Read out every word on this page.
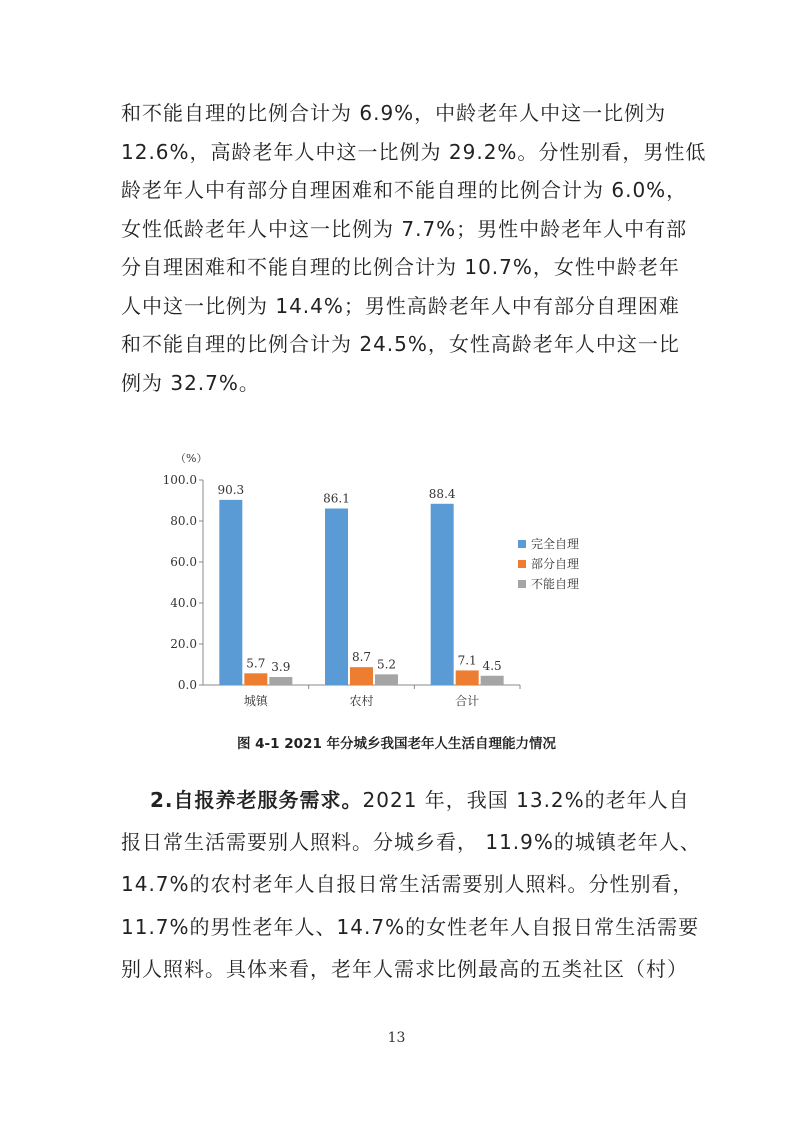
和不能自理的比例合计为 6.9%，中龄老年人中这一比例为
12.6%，高龄老年人中这一比例为 29.2%。分性别看，男性低
龄老年人中有部分自理困难和不能自理的比例合计为 6.0%，
女性低龄老年人中这一比例为 7.7%；男性中龄老年人中有部
分自理困难和不能自理的比例合计为 10.7%，女性中龄老年
人中这一比例为 14.4%；男性高龄老年人中有部分自理困难
和不能自理的比例合计为 24.5%，女性高龄老年人中这一比
例为 32.7%。
（%）
0.0
20.0
40.0
60.0
80.0
100.0
90.3
5.7 3.9
城镇
86.1
8.7
5.2
农村
88.4
7.1 4.5
合计
完全自理
部分自理
不能自理
图 4-1 2021 年分城乡我国老年人生活自理能力情况
2.自报养老服务需求。2021 年，我国 13.2%的老年人自
报日常生活需要别人照料。分城乡看， 11.9%的城镇老年人、
14.7%的农村老年人自报日常生活需要别人照料。分性别看，
11.7%的男性老年人、14.7%的女性老年人自报日常生活需要
别人照料。具体来看，老年人需求比例最高的五类社区（村）
13
